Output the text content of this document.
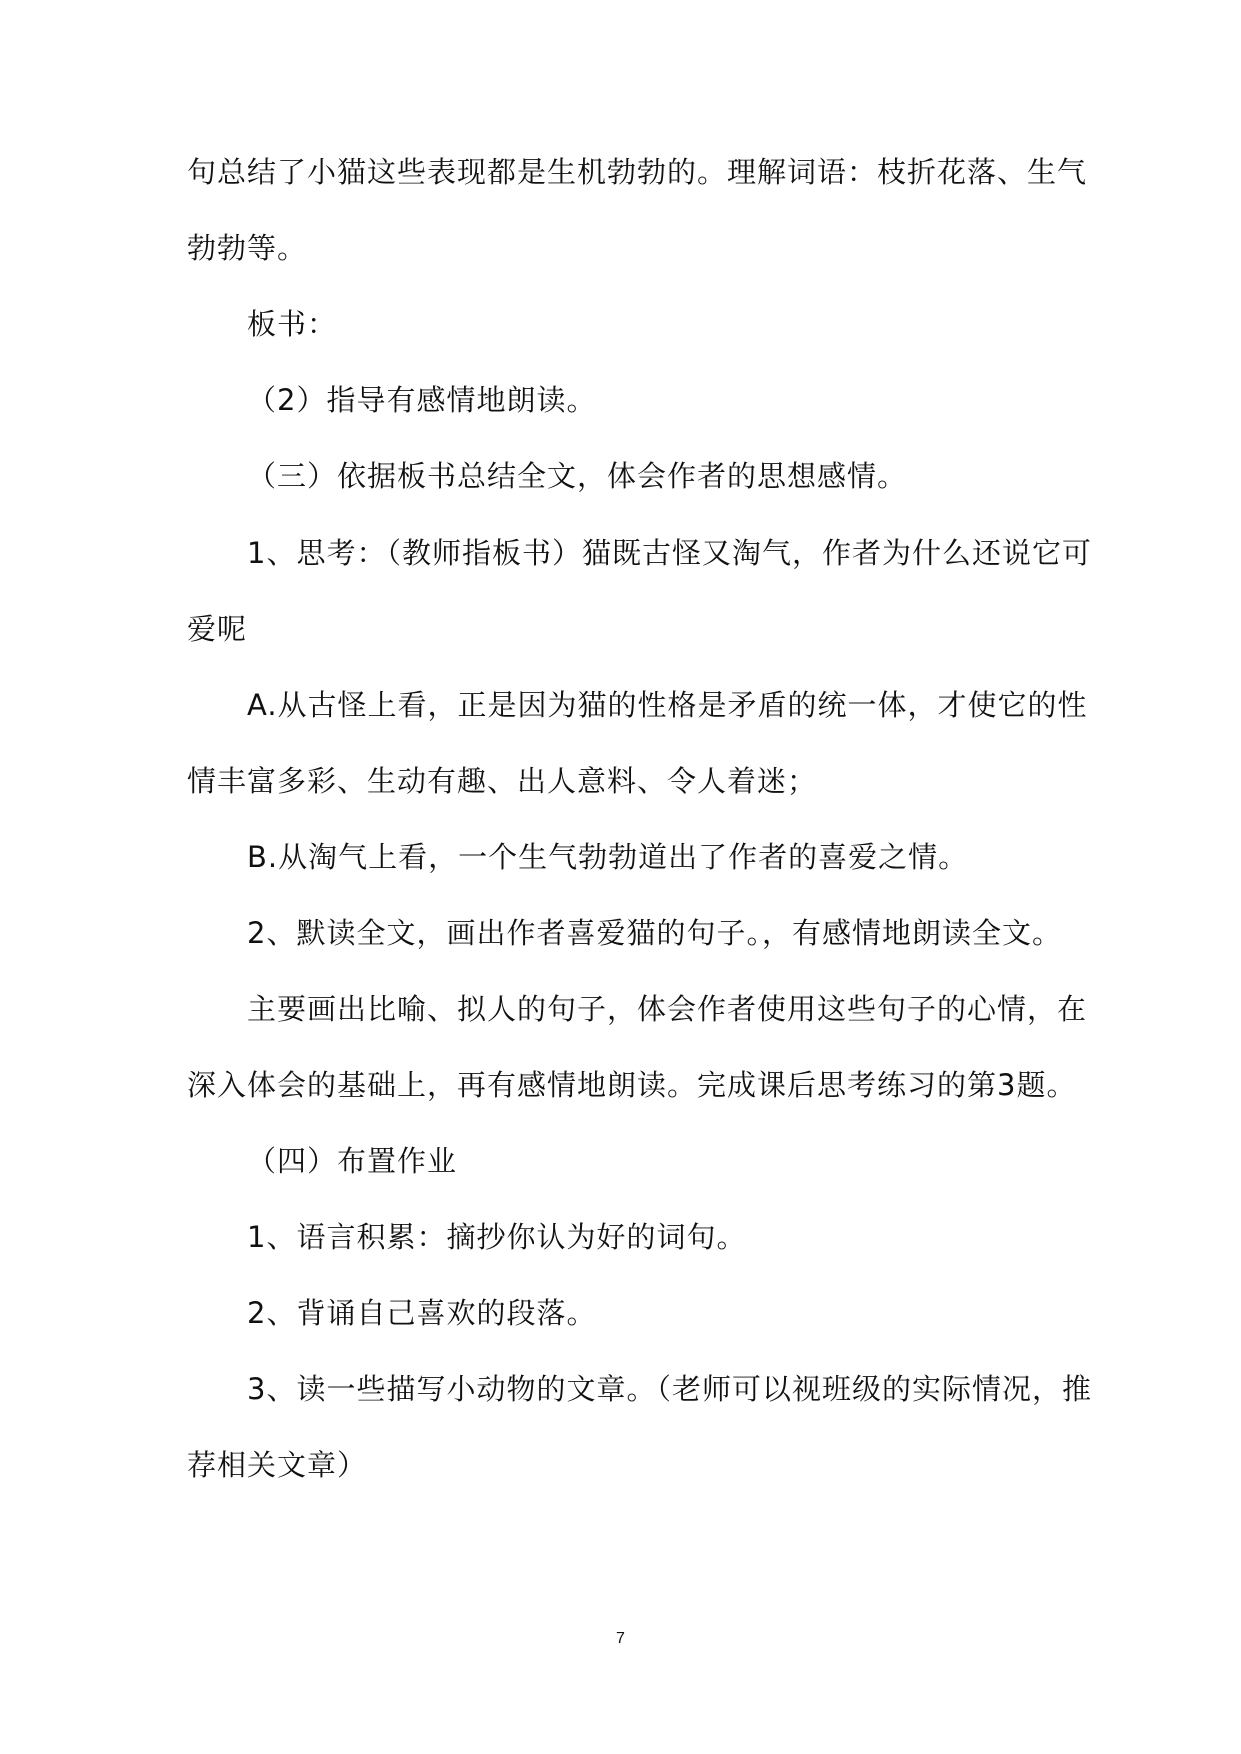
句总结了小猫这些表现都是生机勃勃的。理解词语：枝折花落、生气
勃勃等。
板书：
（2）指导有感情地朗读。
（三）依据板书总结全文，体会作者的思想感情。
1、思考：（教师指板书）猫既古怪又淘气，作者为什么还说它可
爱呢
A.从古怪上看，正是因为猫的性格是矛盾的统一体，才使它的性
情丰富多彩、生动有趣、出人意料、令人着迷；
B.从淘气上看，一个生气勃勃道出了作者的喜爱之情。
2、默读全文，画出作者喜爱猫的句子。，有感情地朗读全文。
主要画出比喻、拟人的句子，体会作者使用这些句子的心情，在
深入体会的基础上，再有感情地朗读。完成课后思考练习的第3题。
（四）布置作业
1、语言积累：摘抄你认为好的词句。
2、背诵自己喜欢的段落。
3、读一些描写小动物的文章。（老师可以视班级的实际情况，推
荐相关文章）
7
